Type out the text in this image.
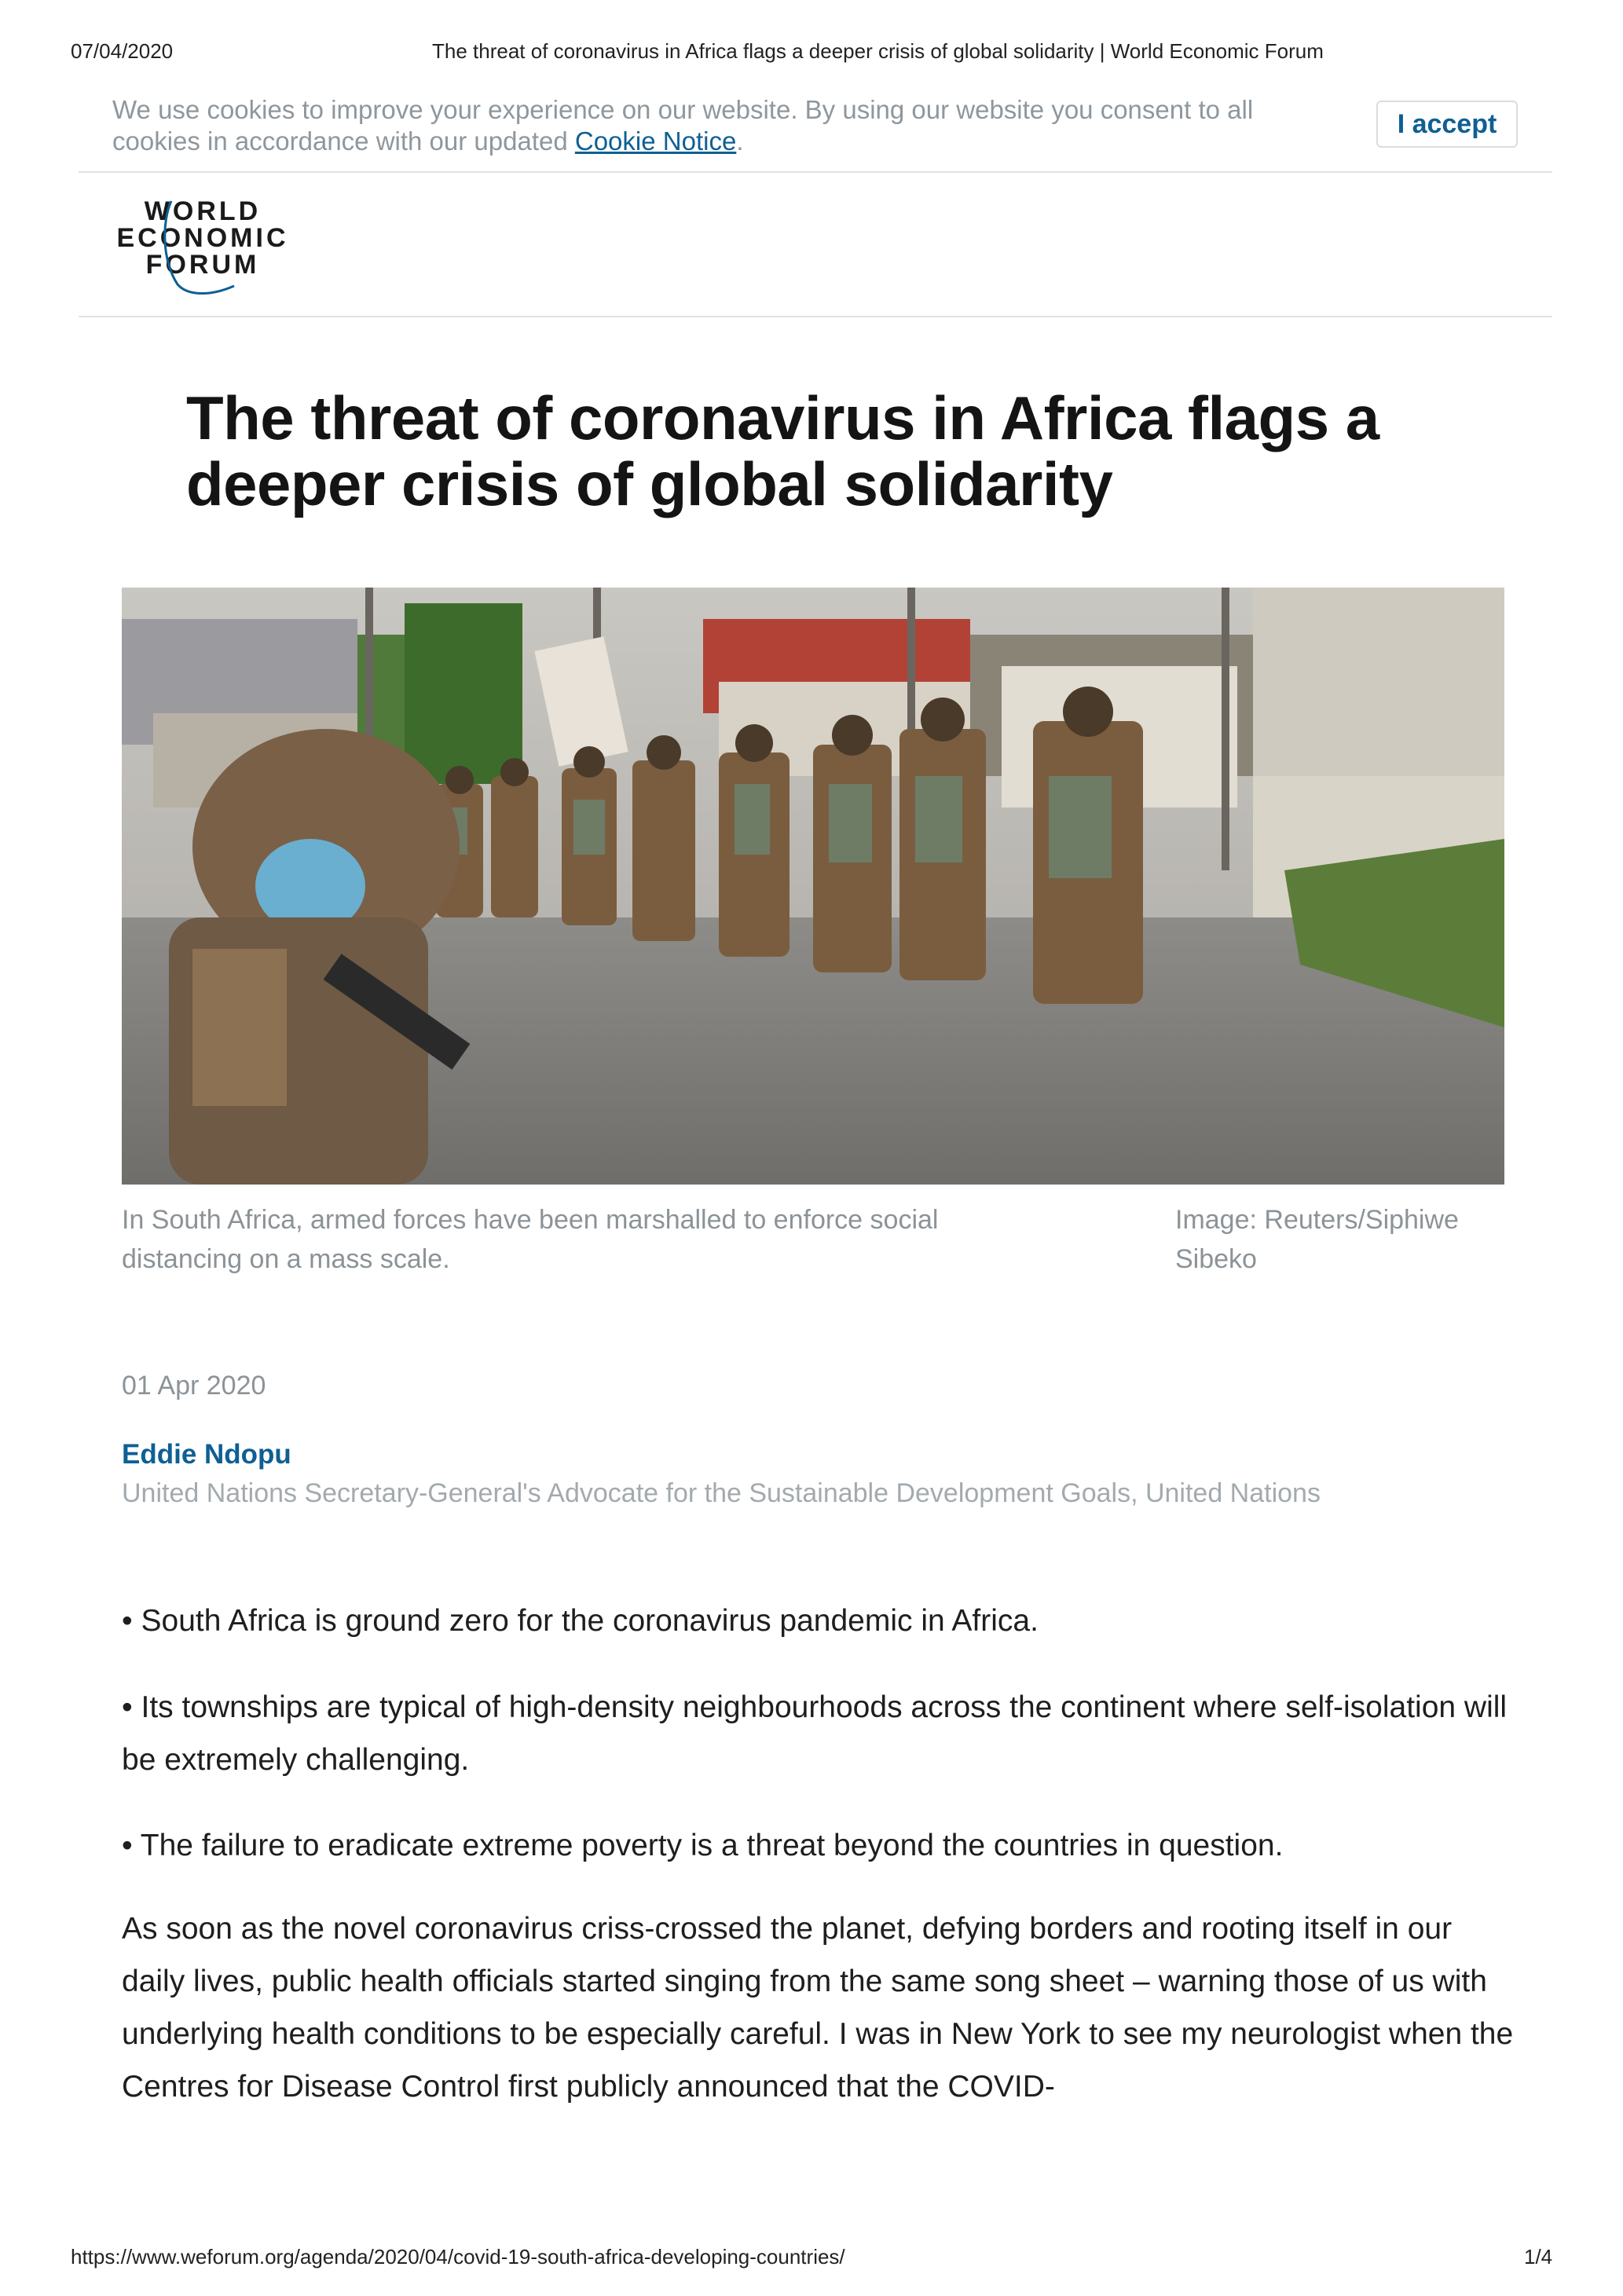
07/04/2020	The threat of coronavirus in Africa flags a deeper crisis of global solidarity | World Economic Forum
We use cookies to improve your experience on our website. By using our website you consent to all cookies in accordance with our updated Cookie Notice.
I accept
WORLD
ECONOMIC
FORUM
The threat of coronavirus in Africa flags a deeper crisis of global solidarity
In South Africa, armed forces have been marshalled to enforce social distancing on a mass scale.
Image: Reuters/Siphiwe Sibeko
01 Apr 2020
Eddie Ndopu
United Nations Secretary-General's Advocate for the Sustainable Development Goals, United Nations
• South Africa is ground zero for the coronavirus pandemic in Africa.
• Its townships are typical of high-density neighbourhoods across the continent where self-isolation will be extremely challenging.
• The failure to eradicate extreme poverty is a threat beyond the countries in question.
As soon as the novel coronavirus criss-crossed the planet, defying borders and rooting itself in our daily lives, public health officials started singing from the same song sheet – warning those of us with underlying health conditions to be especially careful. I was in New York to see my neurologist when the Centres for Disease Control first publicly announced that the COVID-
https://www.weforum.org/agenda/2020/04/covid-19-south-africa-developing-countries/	1/4
